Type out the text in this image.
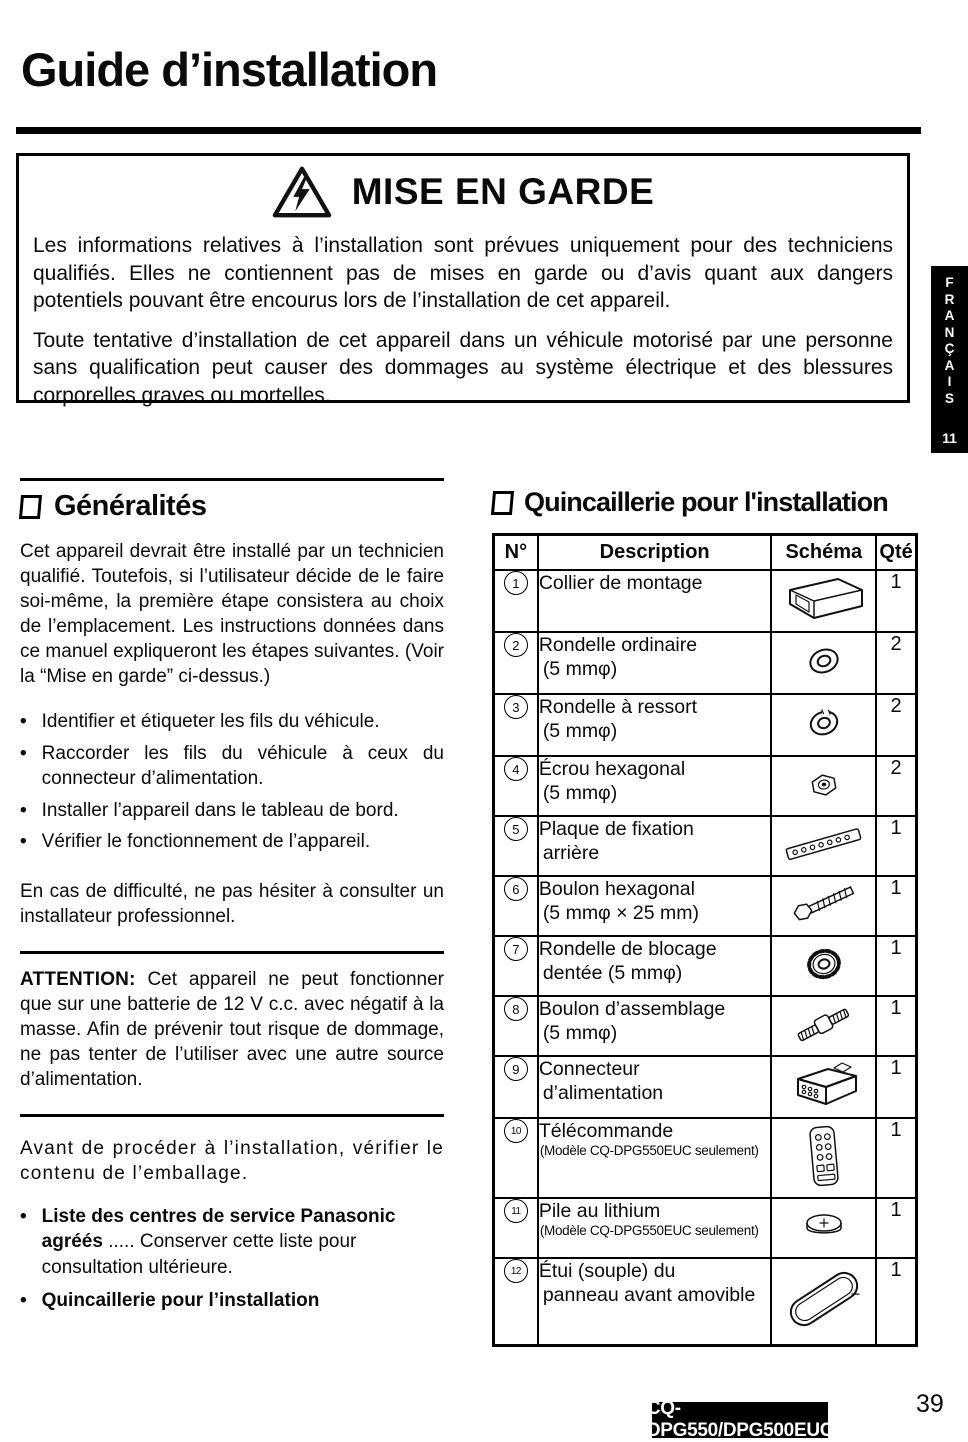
Guide d’installation
MISE EN GARDE

Les informations relatives à l’installation sont prévues uniquement pour des techniciens qualifiés. Elles ne contiennent pas de mises en garde ou d’avis quant aux dangers potentiels pouvant être encourus lors de l’installation de cet appareil.

Toute tentative d’installation de cet appareil dans un véhicule motorisé par une personne sans qualification peut causer des dommages au système électrique et des blessures corporelles graves ou mortelles.

F
R
A
N
Ç
A
I
S
11
Généralités

Cet appareil devrait être installé par un technicien qualifié. Toutefois, si l’utilisateur décide de le faire soi-même, la première étape consistera au choix de l’emplacement. Les instructions données dans ce manuel expliqueront les étapes suivantes. (Voir la “Mise en garde” ci-dessus.)

• Identifier et étiqueter les fils du véhicule.
• Raccorder les fils du véhicule à ceux du connecteur d’alimentation.
• Installer l’appareil dans le tableau de bord.
• Vérifier le fonctionnement de l’appareil.

En cas de difficulté, ne pas hésiter à consulter un installateur professionnel.

ATTENTION: Cet appareil ne peut fonctionner que sur une batterie de 12 V c.c. avec négatif à la masse. Afin de prévenir tout risque de dommage, ne pas tenter de l’utiliser avec une autre source d’alimentation.

Avant de procéder à l’installation, vérifier le contenu de l’emballage.

• Liste des centres de service Panasonic agréés ..... Conserver cette liste pour consultation ultérieure.
• Quincaillerie pour l’installation
Quincaillerie pour l'installation
N°	Description	Schéma	Qté
1	Collier de montage		1
2	Rondelle ordinaire
(5 mmφ)		2
3	Rondelle à ressort
(5 mmφ)		2
4	Écrou hexagonal
(5 mmφ)		2
5	Plaque de fixation
arrière		1
6	Boulon hexagonal
(5 mmφ × 25 mm)		1
7	Rondelle de blocage
dentée (5 mmφ)		1
8	Boulon d’assemblage
(5 mmφ)		1
9	Connecteur
d’alimentation		1
10	Télécommande
(Modèle CQ-DPG550EUC seulement)		1
11	Pile au lithium
(Modèle CQ-DPG550EUC seulement)		1
12	Étui (souple) du
panneau avant amovible		1
CQ-DPG550/DPG500EUC
39
